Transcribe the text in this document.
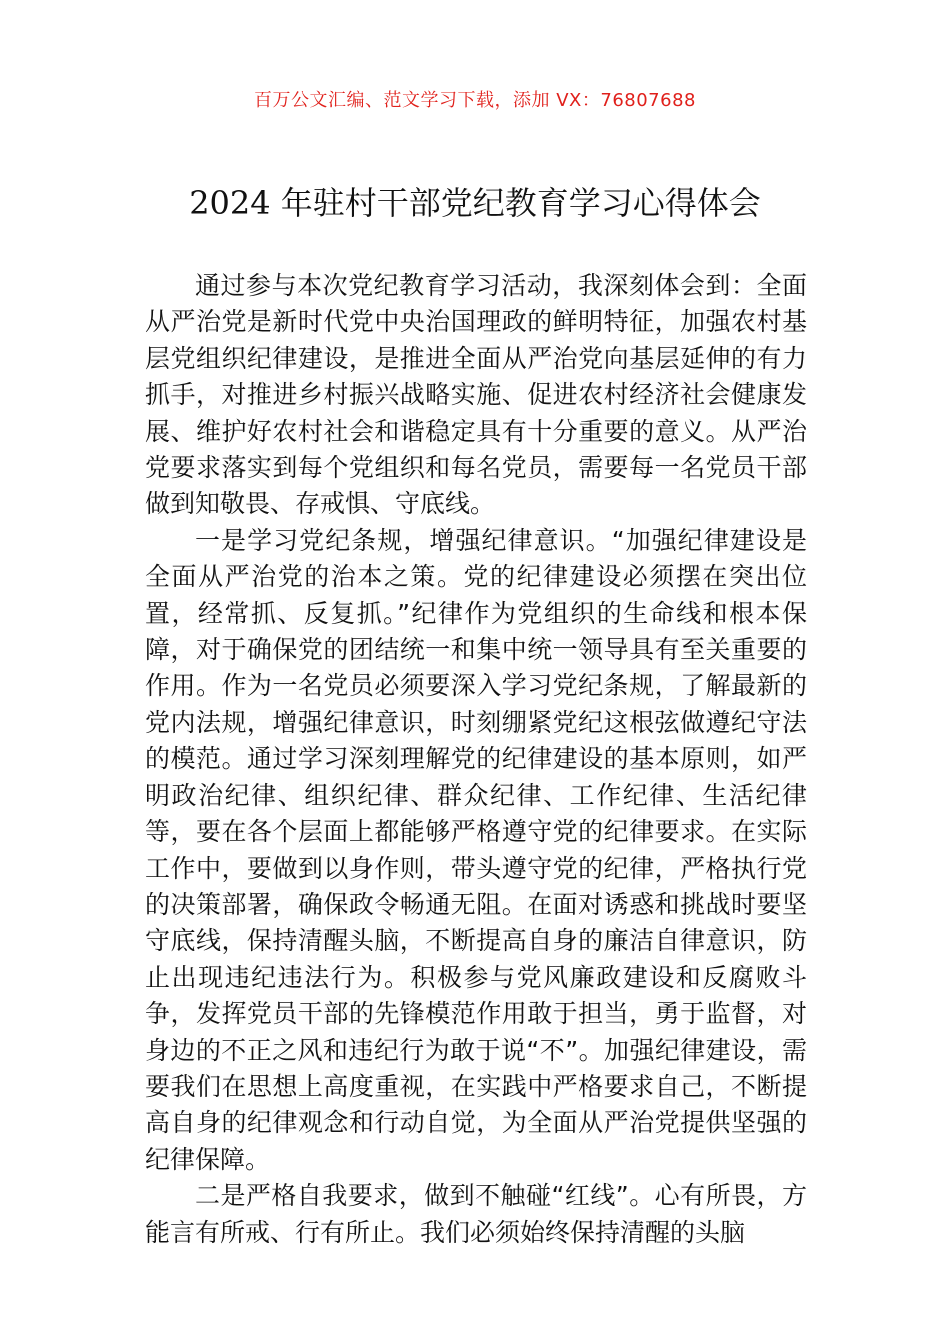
百万公文汇编、范文学习下载，添加 VX：76807688
2024 年驻村干部党纪教育学习心得体会

通过参与本次党纪教育学习活动，我深刻体会到：全面从严治党是新时代党中央治国理政的鲜明特征，加强农村基层党组织纪律建设，是推进全面从严治党向基层延伸的有力抓手，对推进乡村振兴战略实施、促进农村经济社会健康发展、维护好农村社会和谐稳定具有十分重要的意义。从严治党要求落实到每个党组织和每名党员，需要每一名党员干部做到知敬畏、存戒惧、守底线。

一是学习党纪条规，增强纪律意识。“加强纪律建设是全面从严治党的治本之策。党的纪律建设必须摆在突出位置，经常抓、反复抓。”纪律作为党组织的生命线和根本保障，对于确保党的团结统一和集中统一领导具有至关重要的作用。作为一名党员必须要深入学习党纪条规，了解最新的党内法规，增强纪律意识，时刻绷紧党纪这根弦做遵纪守法的模范。通过学习深刻理解党的纪律建设的基本原则，如严明政治纪律、组织纪律、群众纪律、工作纪律、生活纪律等，要在各个层面上都能够严格遵守党的纪律要求。在实际工作中，要做到以身作则，带头遵守党的纪律，严格执行党的决策部署，确保政令畅通无阻。在面对诱惑和挑战时要坚守底线，保持清醒头脑，不断提高自身的廉洁自律意识，防止出现违纪违法行为。积极参与党风廉政建设和反腐败斗争，发挥党员干部的先锋模范作用敢于担当，勇于监督，对身边的不正之风和违纪行为敢于说“不”。加强纪律建设，需要我们在思想上高度重视，在实践中严格要求自己，不断提高自身的纪律观念和行动自觉，为全面从严治党提供坚强的纪律保障。

二是严格自我要求，做到不触碰“红线”。心有所畏，方能言有所戒、行有所止。我们必须始终保持清醒的头脑
